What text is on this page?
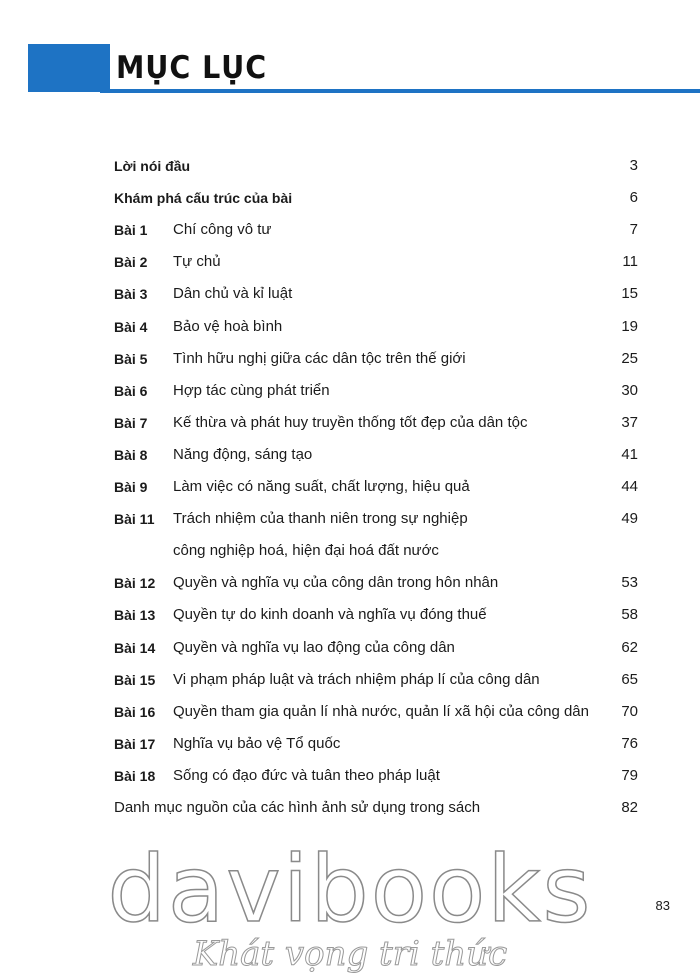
MỤC LỤC
Lời nói đầu	3
Khám phá cấu trúc của bài	6
Bài 1 Chí công vô tư	7
Bài 2 Tự chủ	11
Bài 3 Dân chủ và kỉ luật	15
Bài 4 Bảo vệ hoà bình	19
Bài 5 Tình hữu nghị giữa các dân tộc trên thế giới	25
Bài 6 Hợp tác cùng phát triển	30
Bài 7 Kế thừa và phát huy truyền thống tốt đẹp của dân tộc	37
Bài 8 Năng động, sáng tạo	41
Bài 9 Làm việc có năng suất, chất lượng, hiệu quả	44
Bài 11 Trách nhiệm của thanh niên trong sự nghiệp	49
công nghiệp hoá, hiện đại hoá đất nước
Bài 12 Quyền và nghĩa vụ của công dân trong hôn nhân	53
Bài 13 Quyền tự do kinh doanh và nghĩa vụ đóng thuế	58
Bài 14 Quyền và nghĩa vụ lao động của công dân	62
Bài 15 Vi phạm pháp luật và trách nhiệm pháp lí của công dân	65
Bài 16 Quyền tham gia quản lí nhà nước, quản lí xã hội của công dân 70
Bài 17 Nghĩa vụ bảo vệ Tổ quốc	76
Bài 18 Sống có đạo đức và tuân theo pháp luật	79
Danh mục nguồn của các hình ảnh sử dụng trong sách	82
83
davibooks
Khát vọng tri thức
